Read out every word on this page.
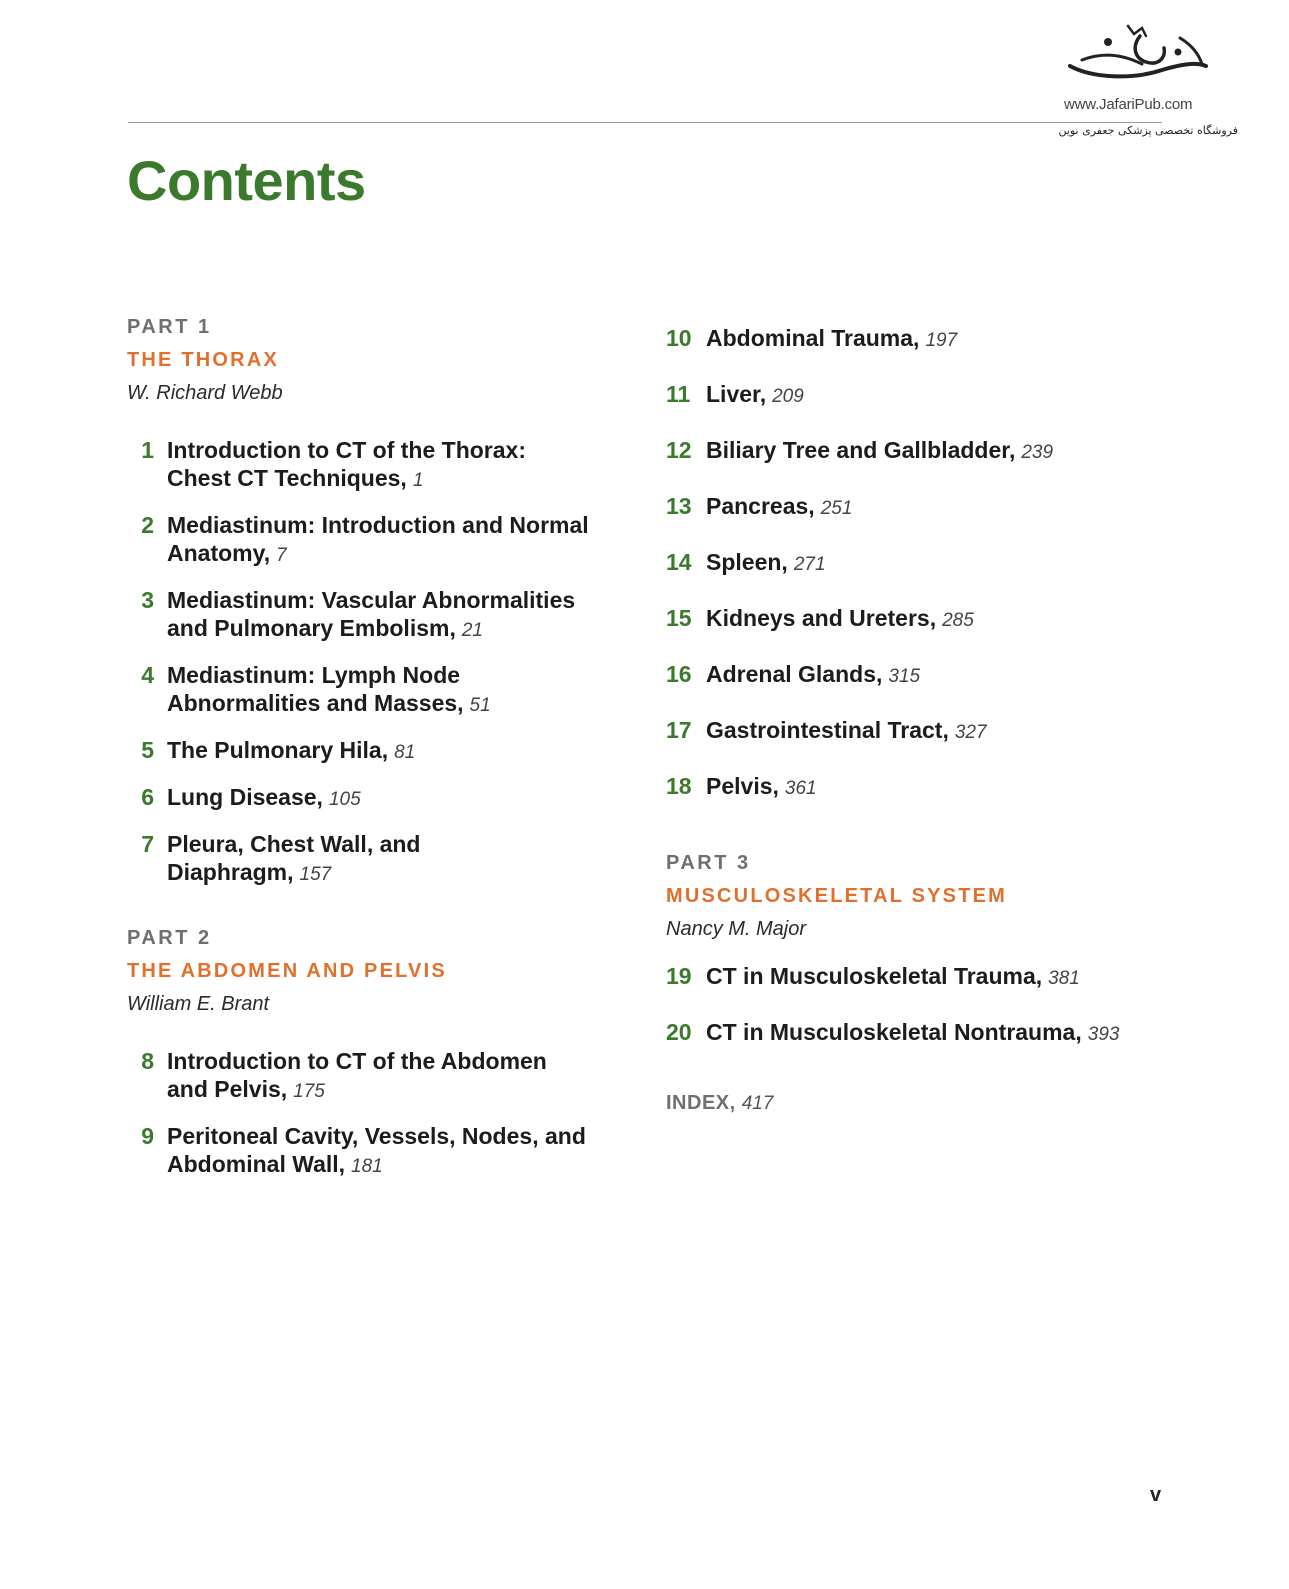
www.JafariPub.com
فروشگاه تخصصی پزشکی جعفری نوین
Contents
PART 1
THE THORAX
W. Richard Webb
1 Introduction to CT of the Thorax:
Chest CT Techniques, 1
2 Mediastinum: Introduction and Normal
Anatomy, 7
3 Mediastinum: Vascular Abnormalities
and Pulmonary Embolism, 21
4 Mediastinum: Lymph Node
Abnormalities and Masses, 51
5 The Pulmonary Hila, 81
6 Lung Disease, 105
7 Pleura, Chest Wall, and
Diaphragm, 157
PART 2
THE ABDOMEN AND PELVIS
William E. Brant
8 Introduction to CT of the Abdomen
and Pelvis, 175
9 Peritoneal Cavity, Vessels, Nodes, and
Abdominal Wall, 181
10 Abdominal Trauma, 197
11 Liver, 209
12 Biliary Tree and Gallbladder, 239
13 Pancreas, 251
14 Spleen, 271
15 Kidneys and Ureters, 285
16 Adrenal Glands, 315
17 Gastrointestinal Tract, 327
18 Pelvis, 361
PART 3
MUSCULOSKELETAL SYSTEM
Nancy M. Major
19 CT in Musculoskeletal Trauma, 381
20 CT in Musculoskeletal Nontrauma, 393
INDEX, 417
v
